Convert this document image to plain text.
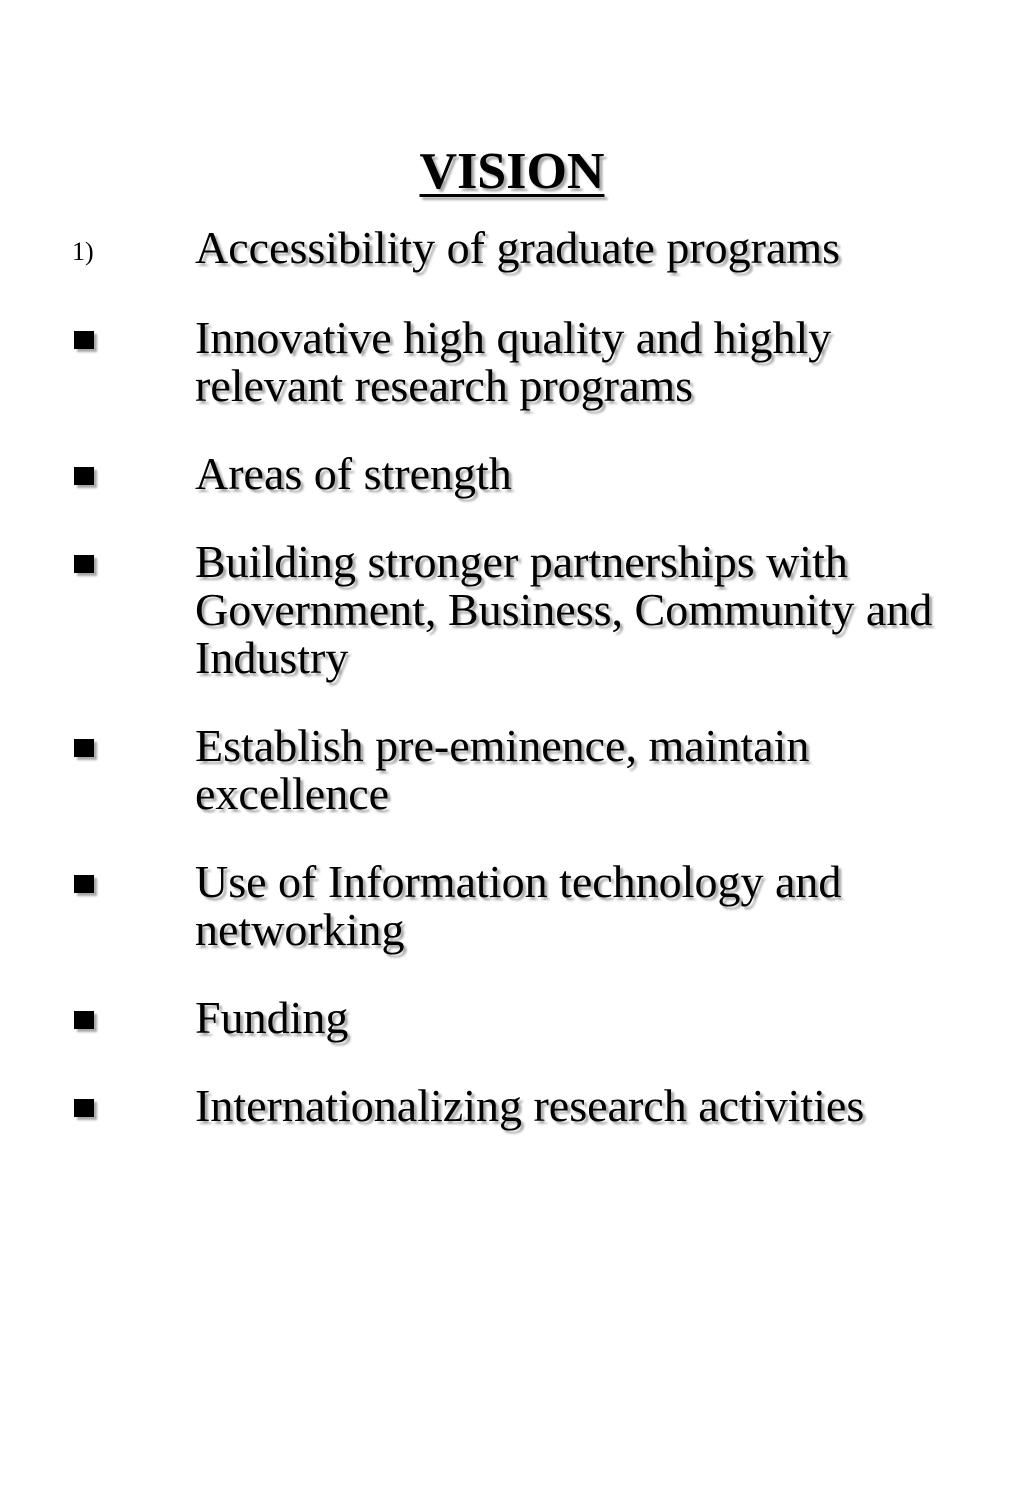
VISION
1)	Accessibility of graduate programs
Innovative high quality and highly relevant research programs
Areas of strength
Building stronger partnerships with Government, Business, Community and Industry
Establish pre-eminence, maintain excellence
Use of Information technology and networking
Funding
Internationalizing research activities
